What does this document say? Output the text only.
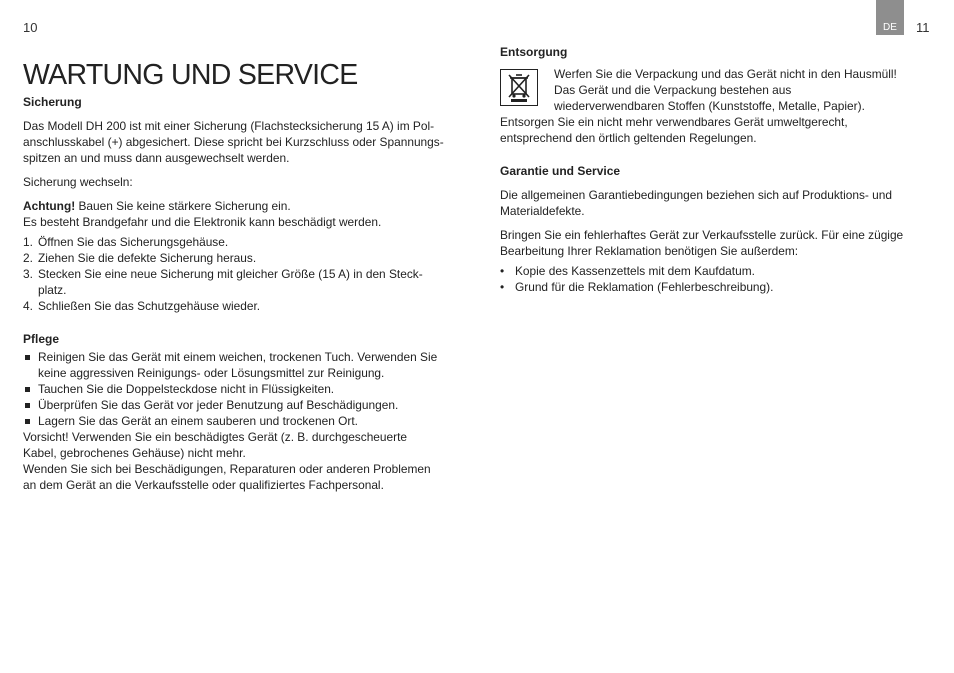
10	11
DE
WARTUNG UND SERVICE

Sicherung

Das Modell DH 200 ist mit einer Sicherung (Flachstecksicherung 15 A) im Pol-

anschlusskabel (+) abgesichert. Diese spricht bei Kurzschluss oder Spannungs-

spitzen an und muss dann ausgewechselt werden.

Sicherung wechseln:

Achtung! Bauen Sie keine stärkere Sicherung ein.

Es besteht Brandgefahr und die Elektronik kann beschädigt werden.

1. Öffnen Sie das Sicherungsgehäuse.
2. Ziehen Sie die defekte Sicherung heraus.
3. Stecken Sie eine neue Sicherung mit gleicher Größe (15 A) in den Steck-
platz.
4. Schließen Sie das Schutzgehäuse wieder.

Pflege

Reinigen Sie das Gerät mit einem weichen, trockenen Tuch. Verwenden Sie
keine aggressiven Reinigungs- oder Lösungsmittel zur Reinigung.
Tauchen Sie die Doppelsteckdose nicht in Flüssigkeiten.
Überprüfen Sie das Gerät vor jeder Benutzung auf Beschädigungen.
Lagern Sie das Gerät an einem sauberen und trockenen Ort.

Vorsicht! Verwenden Sie ein beschädigtes Gerät (z. B. durchgescheuerte

Kabel, gebrochenes Gehäuse) nicht mehr.

Wenden Sie sich bei Beschädigungen, Reparaturen oder anderen Problemen

an dem Gerät an die Verkaufsstelle oder qualifiziertes Fachpersonal.

Entsorgung

Werfen Sie die Verpackung und das Gerät nicht in den Hausmüll!

Das Gerät und die Verpackung bestehen aus

wiederverwendbaren Stoffen (Kunststoffe, Metalle, Papier).

Entsorgen Sie ein nicht mehr verwendbares Gerät umweltgerecht,

entsprechend den örtlich geltenden Regelungen.

Garantie und Service

Die allgemeinen Garantiebedingungen beziehen sich auf Produktions- und

Materialdefekte.

Bringen Sie ein fehlerhaftes Gerät zur Verkaufsstelle zurück. Für eine zügige

Bearbeitung Ihrer Reklamation benötigen Sie außerdem:

• Kopie des Kassenzettels mit dem Kaufdatum.
• Grund für die Reklamation (Fehlerbeschreibung).
